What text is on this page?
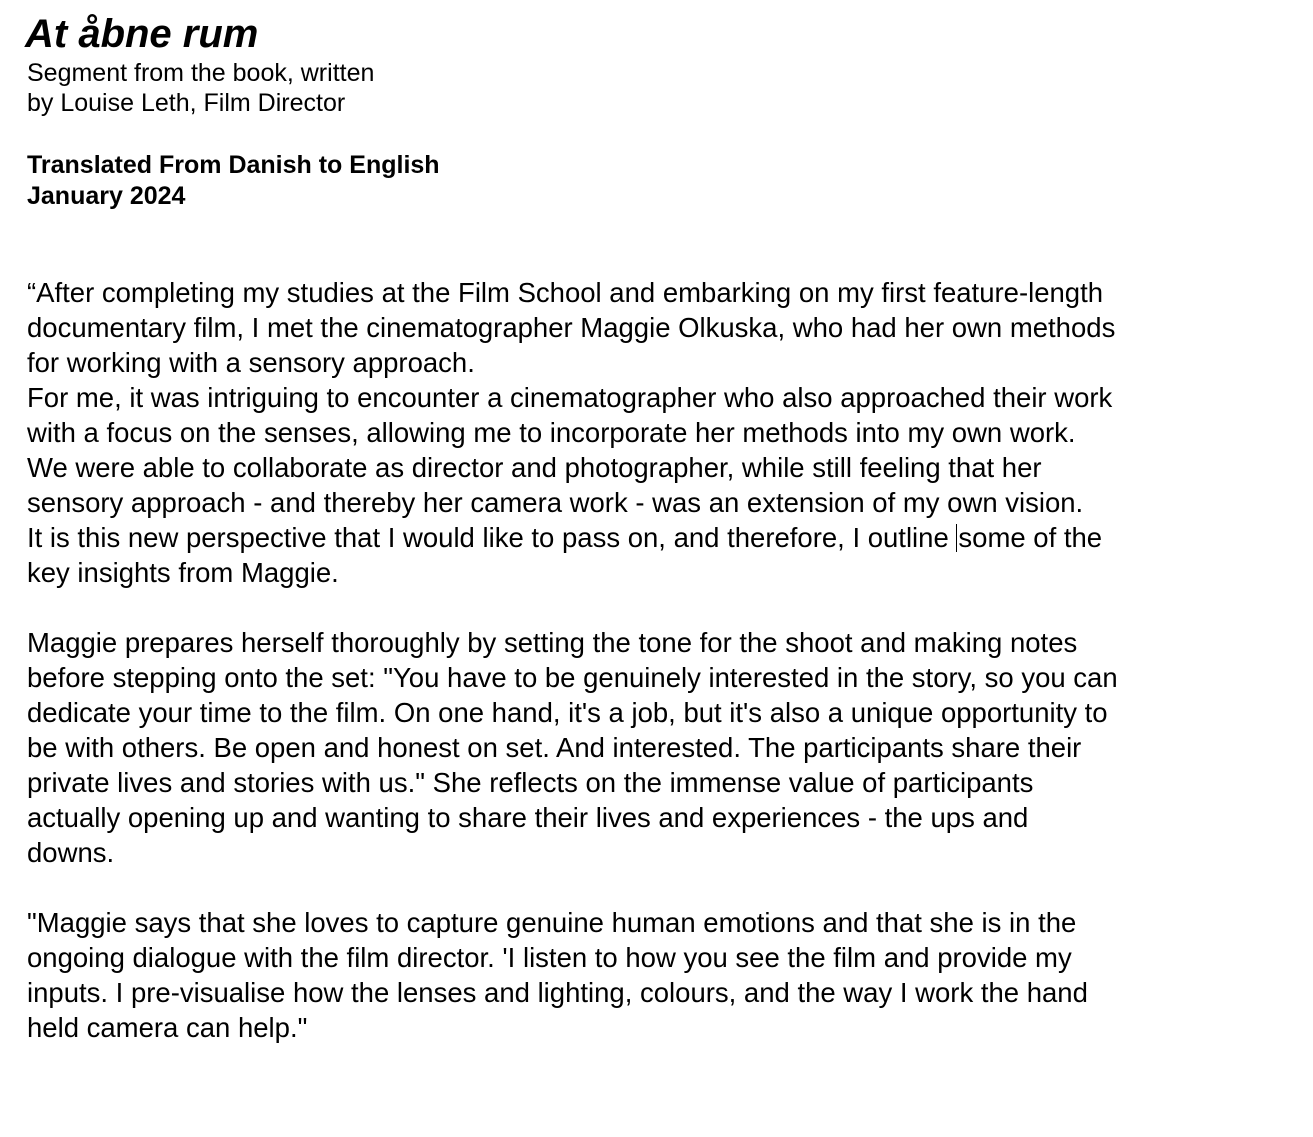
At åbne rum
Segment from the book, written
by Louise Leth, Film Director
Translated From Danish to English
January 2024
“After completing my studies at the Film School and embarking on my first feature-length
documentary film, I met the cinematographer Maggie Olkuska, who had her own methods
for working with a sensory approach.
For me, it was intriguing to encounter a cinematographer who also approached their work
with a focus on the senses, allowing me to incorporate her methods into my own work.
We were able to collaborate as director and photographer, while still feeling that her
sensory approach - and thereby her camera work - was an extension of my own vision.
It is this new perspective that I would like to pass on, and therefore, I outline some of the
key insights from Maggie.
Maggie prepares herself thoroughly by setting the tone for the shoot and making notes
before stepping onto the set: "You have to be genuinely interested in the story, so you can
dedicate your time to the film. On one hand, it's a job, but it's also a unique opportunity to
be with others. Be open and honest on set. And interested. The participants share their
private lives and stories with us." She reflects on the immense value of participants
actually opening up and wanting to share their lives and experiences - the ups and
downs.
"Maggie says that she loves to capture genuine human emotions and that she is in the
ongoing dialogue with the film director. 'I listen to how you see the film and provide my
inputs. I pre-visualise how the lenses and lighting, colours, and the way I work the hand
held camera can help."
